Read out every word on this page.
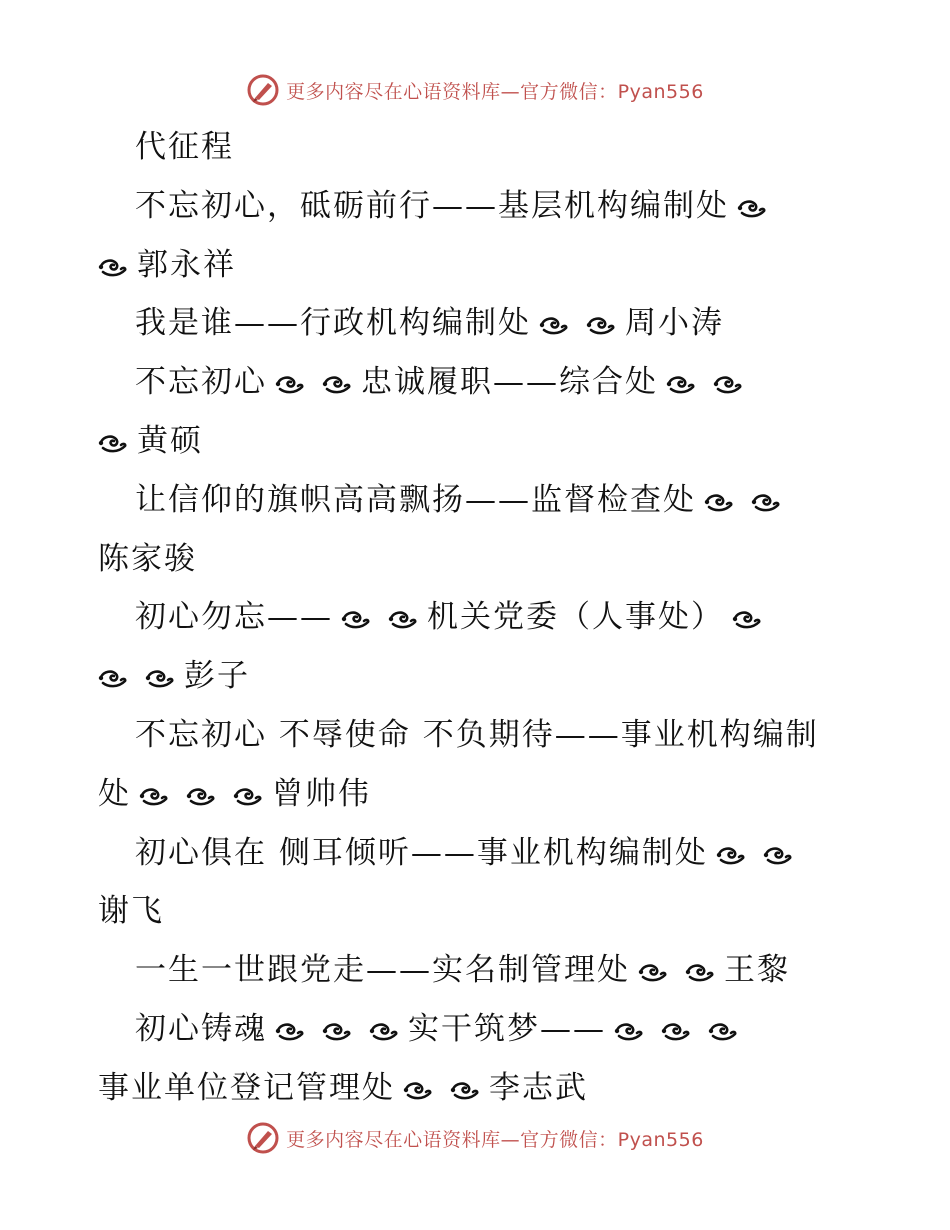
更多内容尽在心语资料库—官方微信：Pyan556
代征程
不忘初心，砥砺前行——基层机构编制处
郭永祥
我是谁——行政机构编制处	周小涛
不忘初心	忠诚履职——综合处
黄硕
让信仰的旗帜高高飘扬——监督检查处
陈家骏
初心勿忘——	机关党委（人事处）
彭子
不忘初心 不辱使命 不负期待——事业机构编制
处	曾帅伟
初心俱在 侧耳倾听——事业机构编制处
谢飞
一生一世跟党走——实名制管理处	王黎
初心铸魂	实干筑梦——
事业单位登记管理处	李志武
更多内容尽在心语资料库—官方微信：Pyan556
